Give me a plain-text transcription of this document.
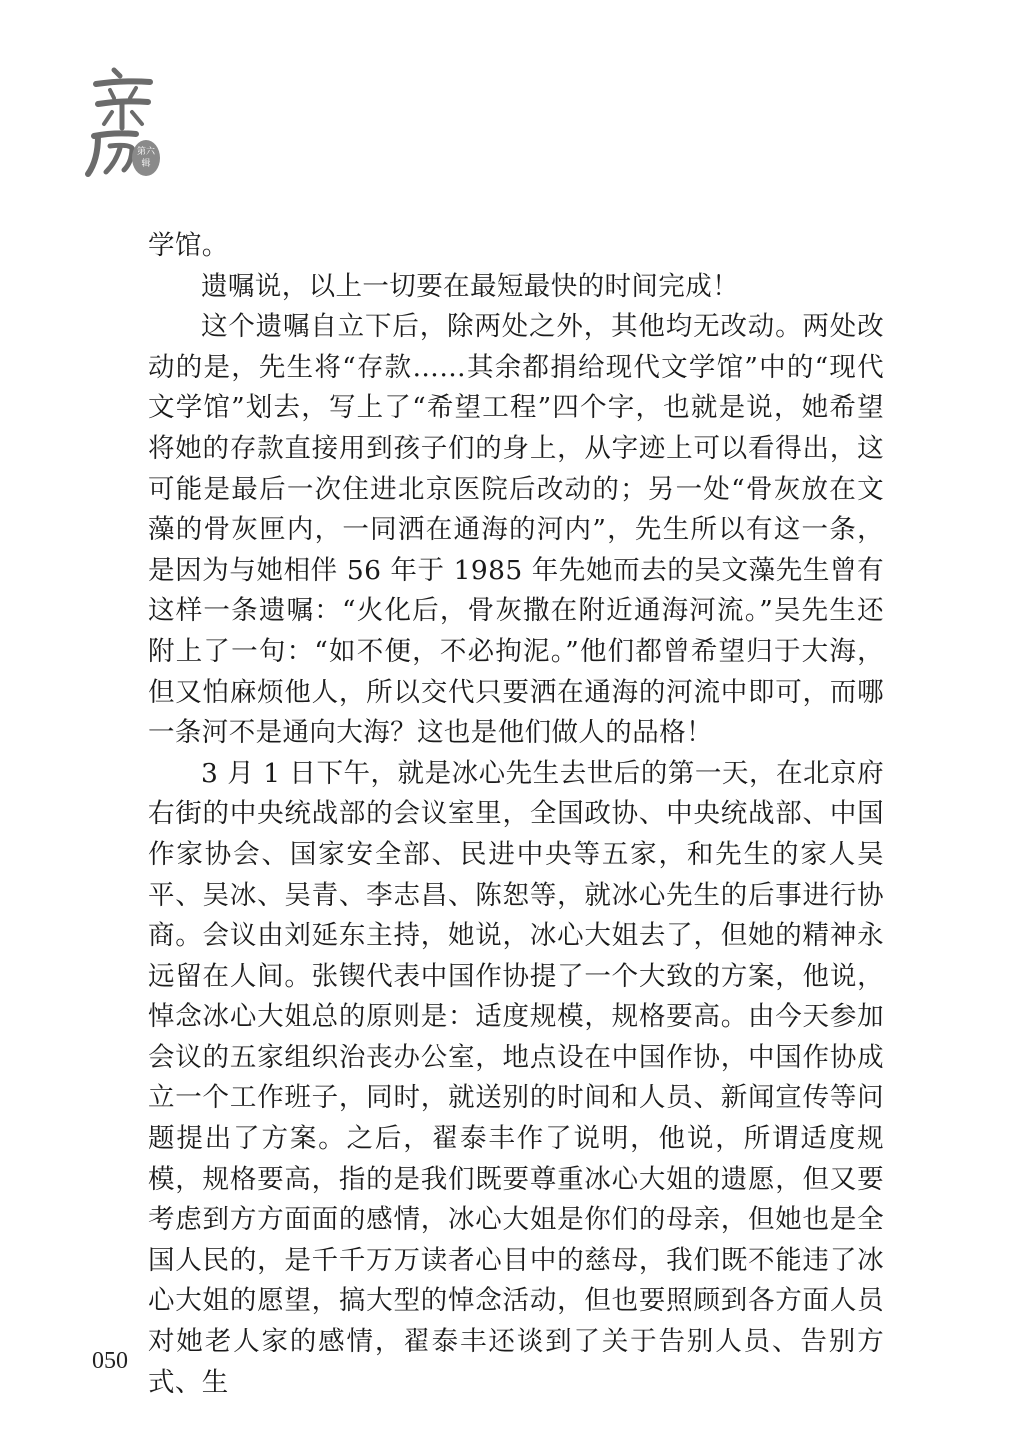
第六
辑

学馆。

遗嘱说，以上一切要在最短最快的时间完成！

这个遗嘱自立下后，除两处之外，其他均无改动。两处改动的是，先生将“存款……其余都捐给现代文学馆”中的“现代文学馆”划去，写上了“希望工程”四个字，也就是说，她希望将她的存款直接用到孩子们的身上，从字迹上可以看得出，这可能是最后一次住进北京医院后改动的；另一处“骨灰放在文藻的骨灰匣内，一同洒在通海的河内”，先生所以有这一条，是因为与她相伴 56 年于 1985 年先她而去的吴文藻先生曾有这样一条遗嘱：“火化后，骨灰撒在附近通海河流。”吴先生还附上了一句：“如不便，不必拘泥。”他们都曾希望归于大海，但又怕麻烦他人，所以交代只要洒在通海的河流中即可，而哪一条河不是通向大海？这也是他们做人的品格！

3 月 1 日下午，就是冰心先生去世后的第一天，在北京府右街的中央统战部的会议室里，全国政协、中央统战部、中国作家协会、国家安全部、民进中央等五家，和先生的家人吴平、吴冰、吴青、李志昌、陈恕等，就冰心先生的后事进行协商。会议由刘延东主持，她说，冰心大姐去了，但她的精神永远留在人间。张锲代表中国作协提了一个大致的方案，他说，悼念冰心大姐总的原则是：适度规模，规格要高。由今天参加会议的五家组织治丧办公室，地点设在中国作协，中国作协成立一个工作班子，同时，就送别的时间和人员、新闻宣传等问题提出了方案。之后，翟泰丰作了说明，他说，所谓适度规模，规格要高，指的是我们既要尊重冰心大姐的遗愿，但又要考虑到方方面面的感情，冰心大姐是你们的母亲，但她也是全国人民的，是千千万万读者心目中的慈母，我们既不能违了冰心大姐的愿望，搞大型的悼念活动，但也要照顾到各方面人员对她老人家的感情，翟泰丰还谈到了关于告别人员、告别方式、生

050
